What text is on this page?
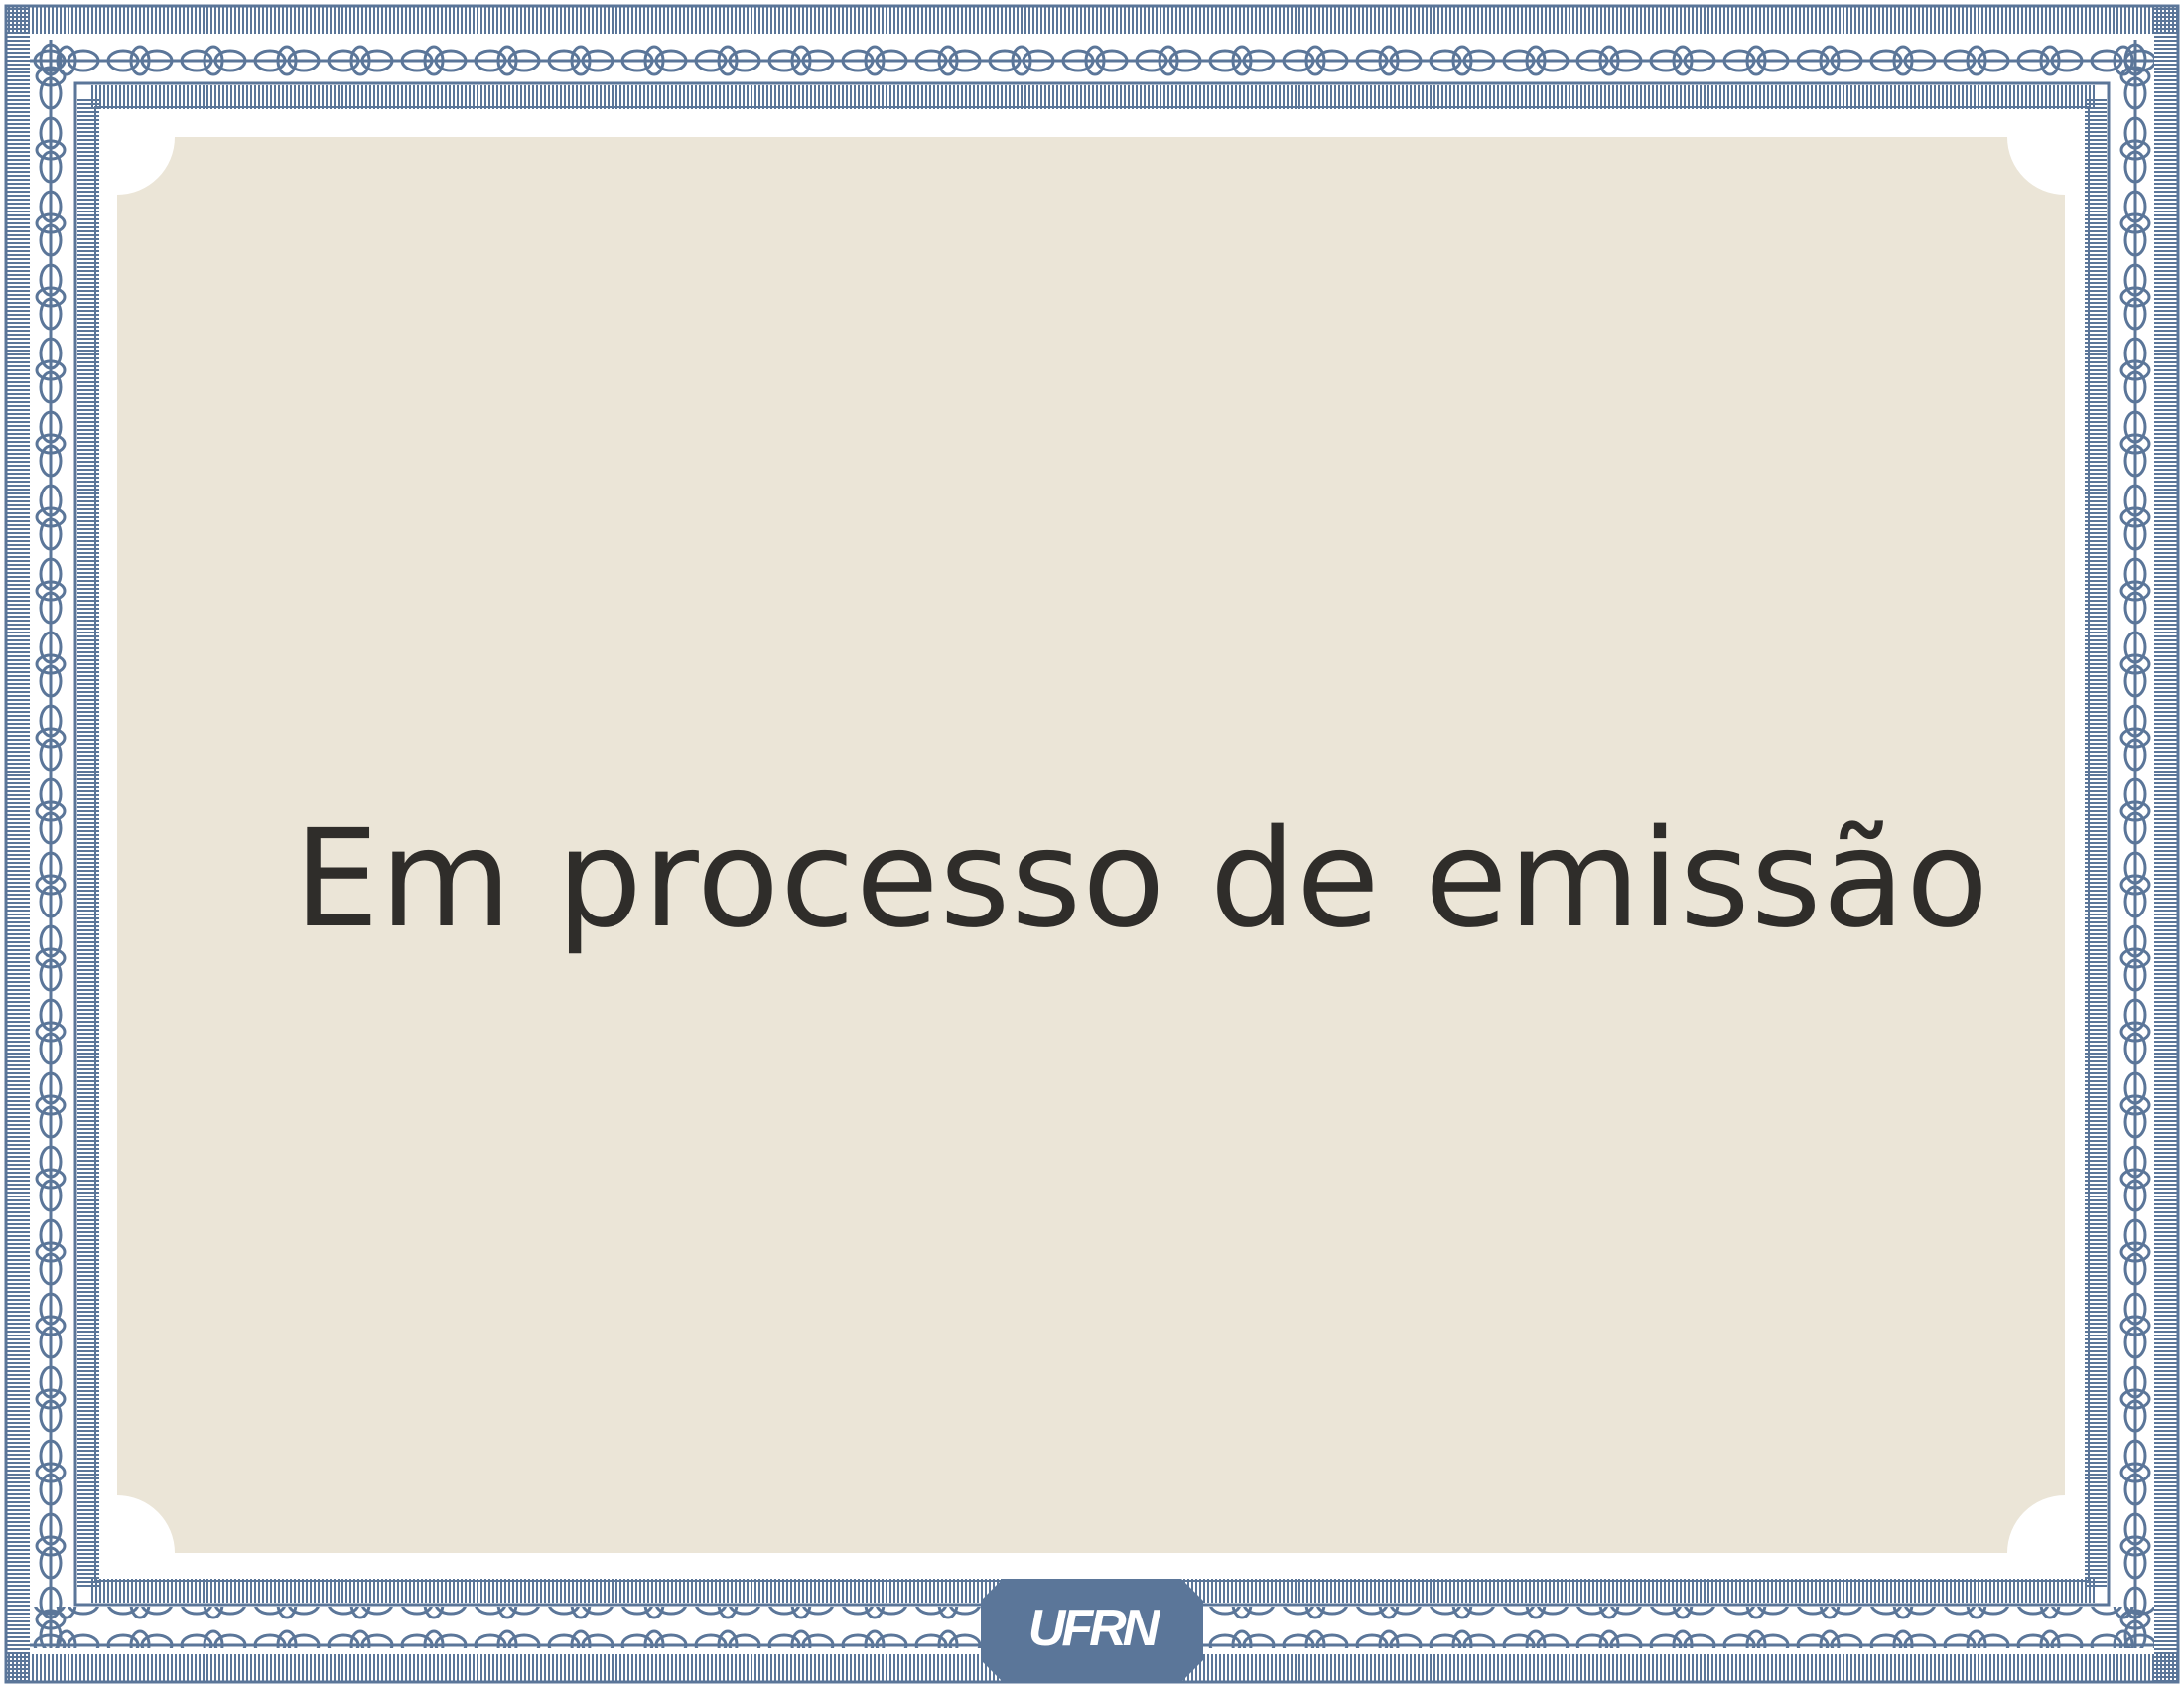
Em processo de emissão
UFRN
